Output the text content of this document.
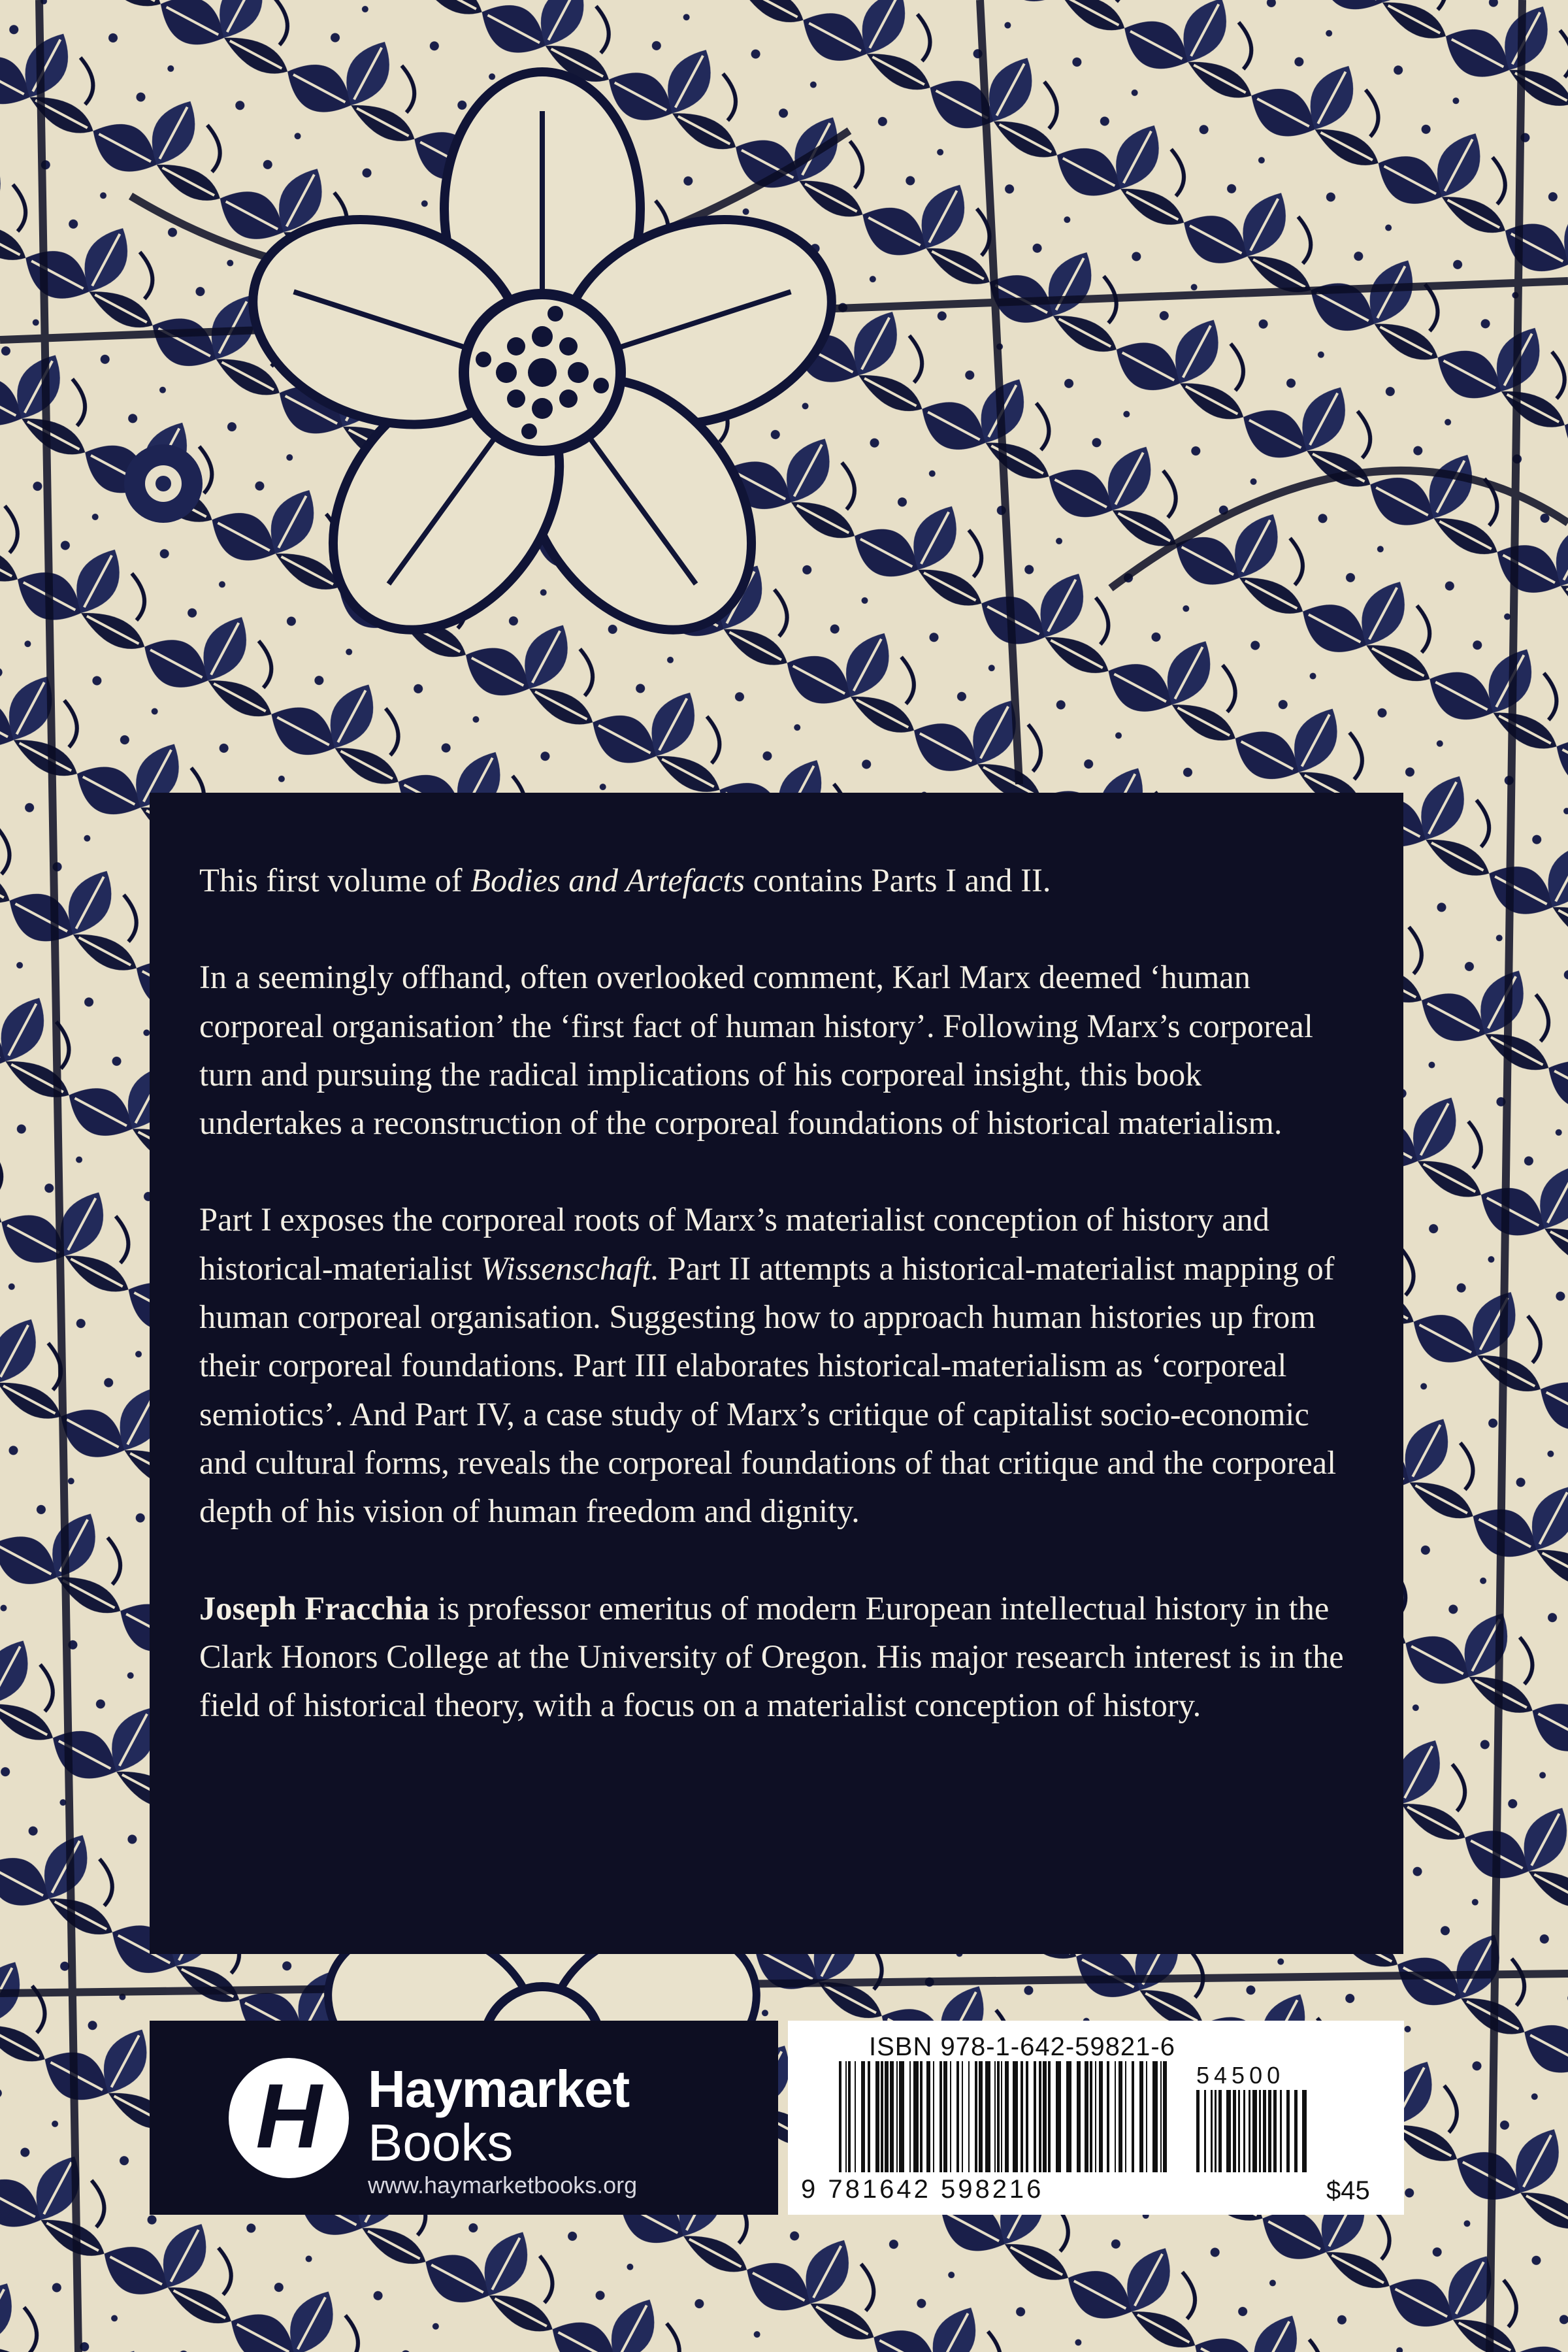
This first volume of Bodies and Artefacts contains Parts I and II.

In a seemingly offhand, often overlooked comment, Karl Marx deemed ‘human corporeal organisation’ the ‘first fact of human history’. Following Marx’s corporeal turn and pursuing the radical implications of his corporeal insight, this book undertakes a reconstruction of the corporeal foundations of historical materialism.

Part I exposes the corporeal roots of Marx’s materialist conception of history and historical-materialist Wissenschaft. Part II attempts a historical-materialist mapping of human corporeal organisation. Suggesting how to approach human histories up from their corporeal foundations. Part III elaborates historical-materialism as ‘corporeal semiotics’. And Part IV, a case study of Marx’s critique of capitalist socio-economic and cultural forms, reveals the corporeal foundations of that critique and the corporeal depth of his vision of human freedom and dignity.

Joseph Fracchia is professor emeritus of modern European intellectual history in the Clark Honors College at the University of Oregon. His major research interest is in the field of historical theory, with a focus on a materialist conception of history.

H Haymarket
Books
www.haymarketbooks.org
ISBN 978-1-642-59821-6
54500
9 781642 598216	$45
